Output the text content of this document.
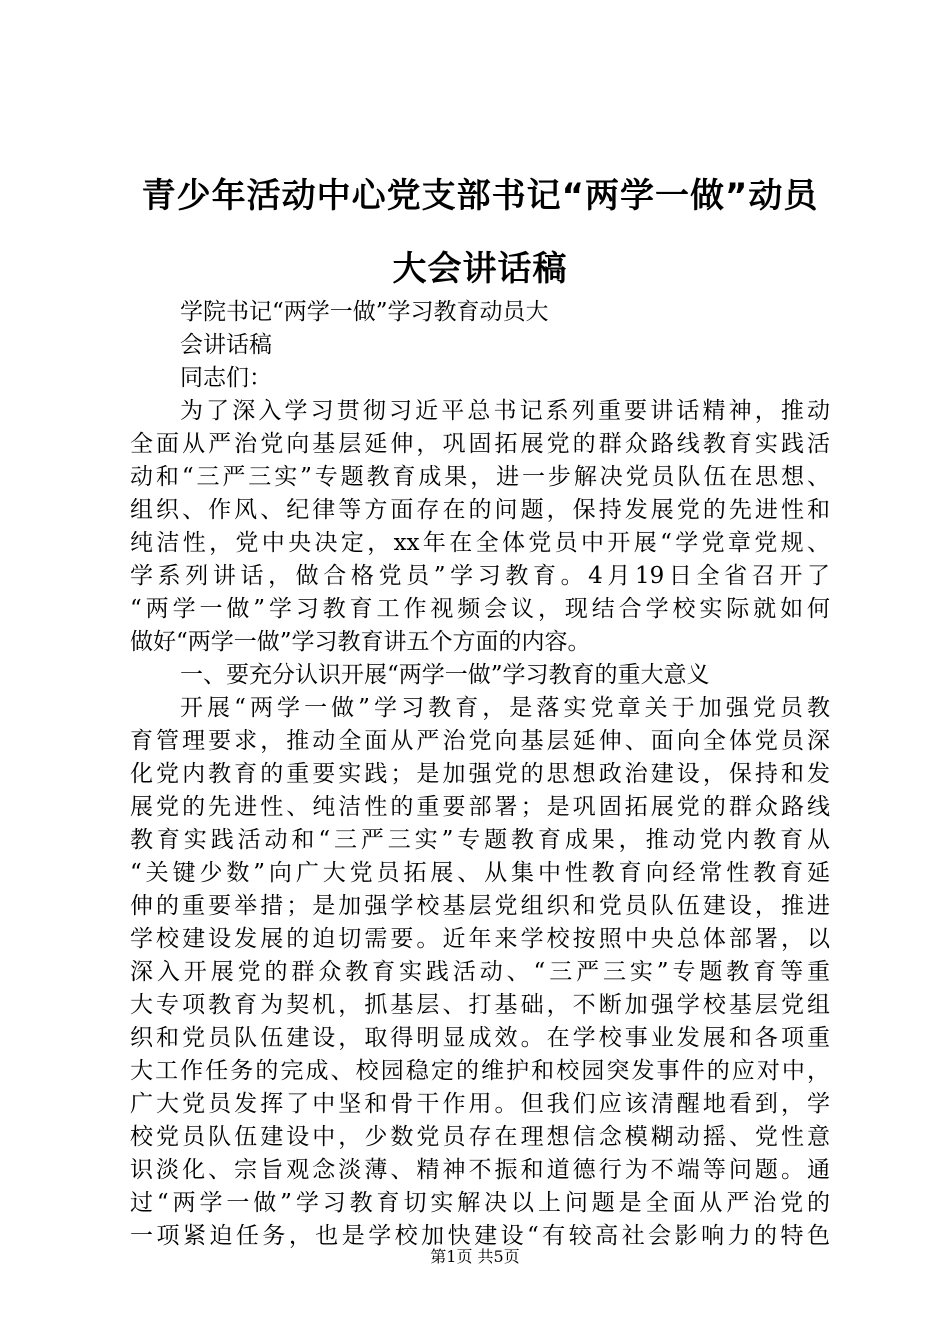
青少年活动中心党支部书记“两学一做”动员
大会讲话稿
学院书记“两学一做”学习教育动员大
会讲话稿
同志们：
为了深入学习贯彻习近平总书记系列重要讲话精神，推动
全面从严治党向基层延伸，巩固拓展党的群众路线教育实践活
动和“三严三实”专题教育成果，进一步解决党员队伍在思想、
组织、作风、纪律等方面存在的问题，保持发展党的先进性和
纯洁性，党中央决定，xx年在全体党员中开展“学党章党规、
学系列讲话，做合格党员”学习教育。4月19日全省召开了
“两学一做”学习教育工作视频会议，现结合学校实际就如何
做好“两学一做”学习教育讲五个方面的内容。
一、要充分认识开展“两学一做”学习教育的重大意义
开展“两学一做”学习教育，是落实党章关于加强党员教
育管理要求，推动全面从严治党向基层延伸、面向全体党员深
化党内教育的重要实践；是加强党的思想政治建设，保持和发
展党的先进性、纯洁性的重要部署；是巩固拓展党的群众路线
教育实践活动和“三严三实”专题教育成果，推动党内教育从
“关键少数”向广大党员拓展、从集中性教育向经常性教育延
伸的重要举措；是加强学校基层党组织和党员队伍建设，推进
学校建设发展的迫切需要。近年来学校按照中央总体部署，以
深入开展党的群众教育实践活动、“三严三实”专题教育等重
大专项教育为契机，抓基层、打基础，不断加强学校基层党组
织和党员队伍建设，取得明显成效。在学校事业发展和各项重
大工作任务的完成、校园稳定的维护和校园突发事件的应对中，
广大党员发挥了中坚和骨干作用。但我们应该清醒地看到，学
校党员队伍建设中，少数党员存在理想信念模糊动摇、党性意
识淡化、宗旨观念淡薄、精神不振和道德行为不端等问题。通
过“两学一做”学习教育切实解决以上问题是全面从严治党的
一项紧迫任务，也是学校加快建设“有较高社会影响力的特色
第1页 共5页
